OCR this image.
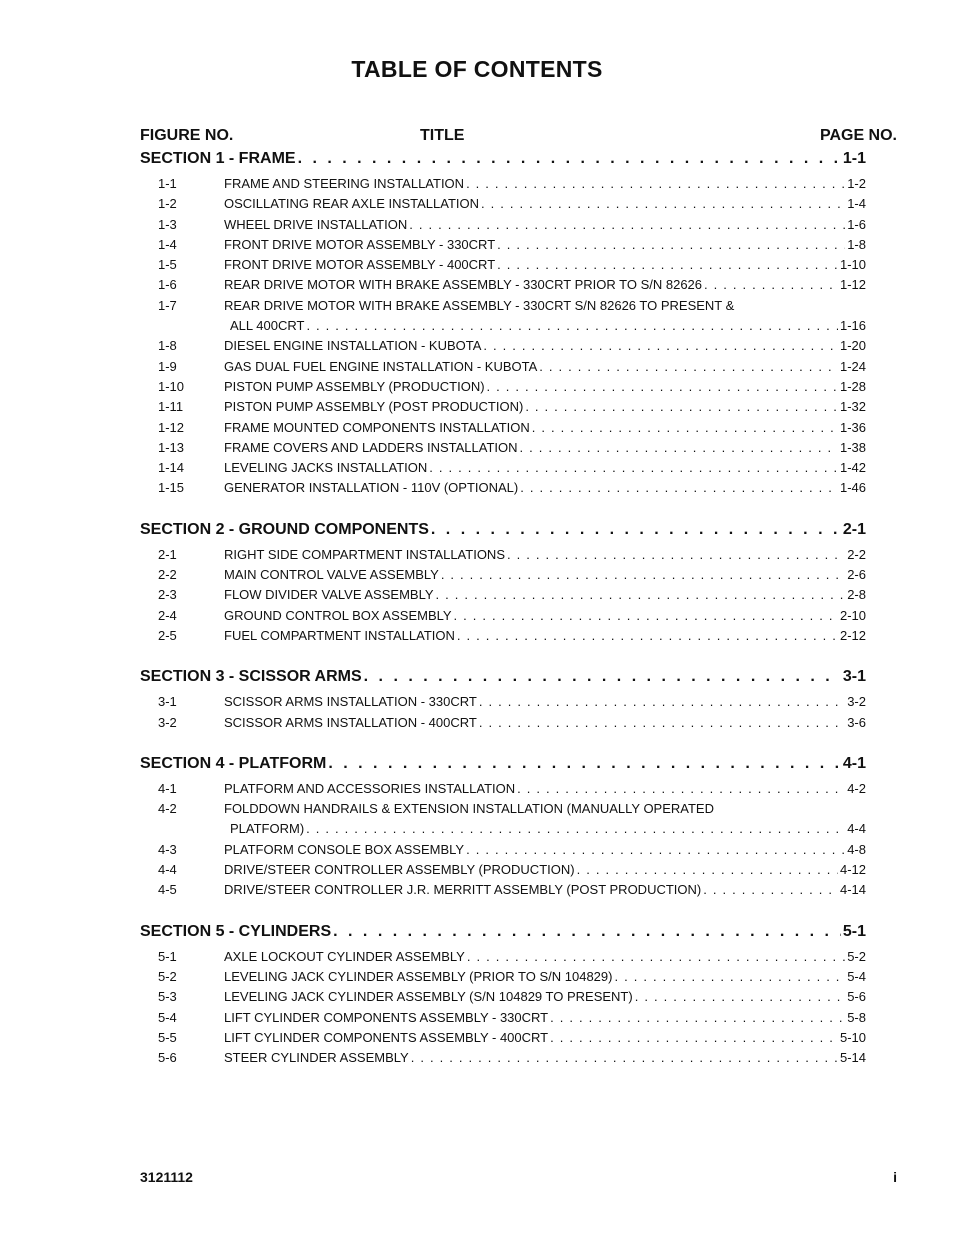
TABLE OF CONTENTS
FIGURE NO.	TITLE	PAGE NO.
SECTION 1 - FRAME . . .	1-1
1-1	FRAME AND STEERING INSTALLATION . . .	1-2
1-2	OSCILLATING REAR AXLE INSTALLATION . . .	1-4
1-3	WHEEL DRIVE INSTALLATION . . .	1-6
1-4	FRONT DRIVE MOTOR ASSEMBLY - 330CRT . . .	1-8
1-5	FRONT DRIVE MOTOR ASSEMBLY - 400CRT . . .	1-10
1-6	REAR DRIVE MOTOR WITH BRAKE ASSEMBLY - 330CRT PRIOR TO S/N 82626 . . .	1-12
1-7	REAR DRIVE MOTOR WITH BRAKE ASSEMBLY - 330CRT S/N 82626 TO PRESENT &
ALL 400CRT . . .	1-16
1-8	DIESEL ENGINE INSTALLATION - KUBOTA . . .	1-20
1-9	GAS DUAL FUEL ENGINE INSTALLATION - KUBOTA . . .	1-24
1-10	PISTON PUMP ASSEMBLY (PRODUCTION) . . .	1-28
1-11	PISTON PUMP ASSEMBLY (POST PRODUCTION) . . .	1-32
1-12	FRAME MOUNTED COMPONENTS INSTALLATION . . .	1-36
1-13	FRAME COVERS AND LADDERS INSTALLATION . . .	1-38
1-14	LEVELING JACKS INSTALLATION . . .	1-42
1-15	GENERATOR INSTALLATION - 110V (OPTIONAL) . . .	1-46
SECTION 2 - GROUND COMPONENTS . . .	2-1
2-1	RIGHT SIDE COMPARTMENT INSTALLATIONS . . .	2-2
2-2	MAIN CONTROL VALVE ASSEMBLY . . .	2-6
2-3	FLOW DIVIDER VALVE ASSEMBLY . . .	2-8
2-4	GROUND CONTROL BOX ASSEMBLY . . .	2-10
2-5	FUEL COMPARTMENT INSTALLATION . . .	2-12
SECTION 3 - SCISSOR ARMS . . .	3-1
3-1	SCISSOR ARMS INSTALLATION - 330CRT . . .	3-2
3-2	SCISSOR ARMS INSTALLATION - 400CRT . . .	3-6
SECTION 4 - PLATFORM . . .	4-1
4-1	PLATFORM AND ACCESSORIES INSTALLATION . . .	4-2
4-2	FOLDDOWN HANDRAILS & EXTENSION INSTALLATION (MANUALLY OPERATED
PLATFORM) . . .	4-4
4-3	PLATFORM CONSOLE BOX ASSEMBLY . . .	4-8
4-4	DRIVE/STEER CONTROLLER ASSEMBLY (PRODUCTION) . . .	4-12
4-5	DRIVE/STEER CONTROLLER J.R. MERRITT ASSEMBLY (POST PRODUCTION) . . .	4-14
SECTION 5 - CYLINDERS . . .	5-1
5-1	AXLE LOCKOUT CYLINDER ASSEMBLY . . .	5-2
5-2	LEVELING JACK CYLINDER ASSEMBLY (PRIOR TO S/N 104829) . . .	5-4
5-3	LEVELING JACK CYLINDER ASSEMBLY (S/N 104829 TO PRESENT) . . .	5-6
5-4	LIFT CYLINDER COMPONENTS ASSEMBLY - 330CRT . . .	5-8
5-5	LIFT CYLINDER COMPONENTS ASSEMBLY - 400CRT . . .	5-10
5-6	STEER CYLINDER ASSEMBLY . . .	5-14
3121112	i
